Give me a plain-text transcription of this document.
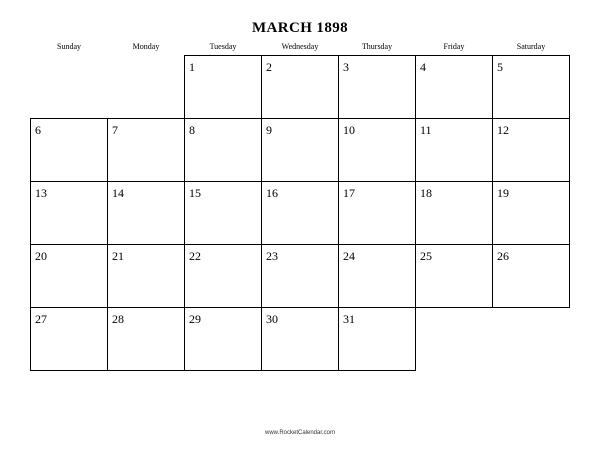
MARCH 1898
Sunday	Monday	Tuesday	Wednesday	Thursday	Friday	Saturday

		1	2	3	4	5

6	7	8	9	10	11	12

13	14	15	16	17	18	19

20	21	22	23	24	25	26

27	28	29	30	31		

www.RocketCalendar.com
